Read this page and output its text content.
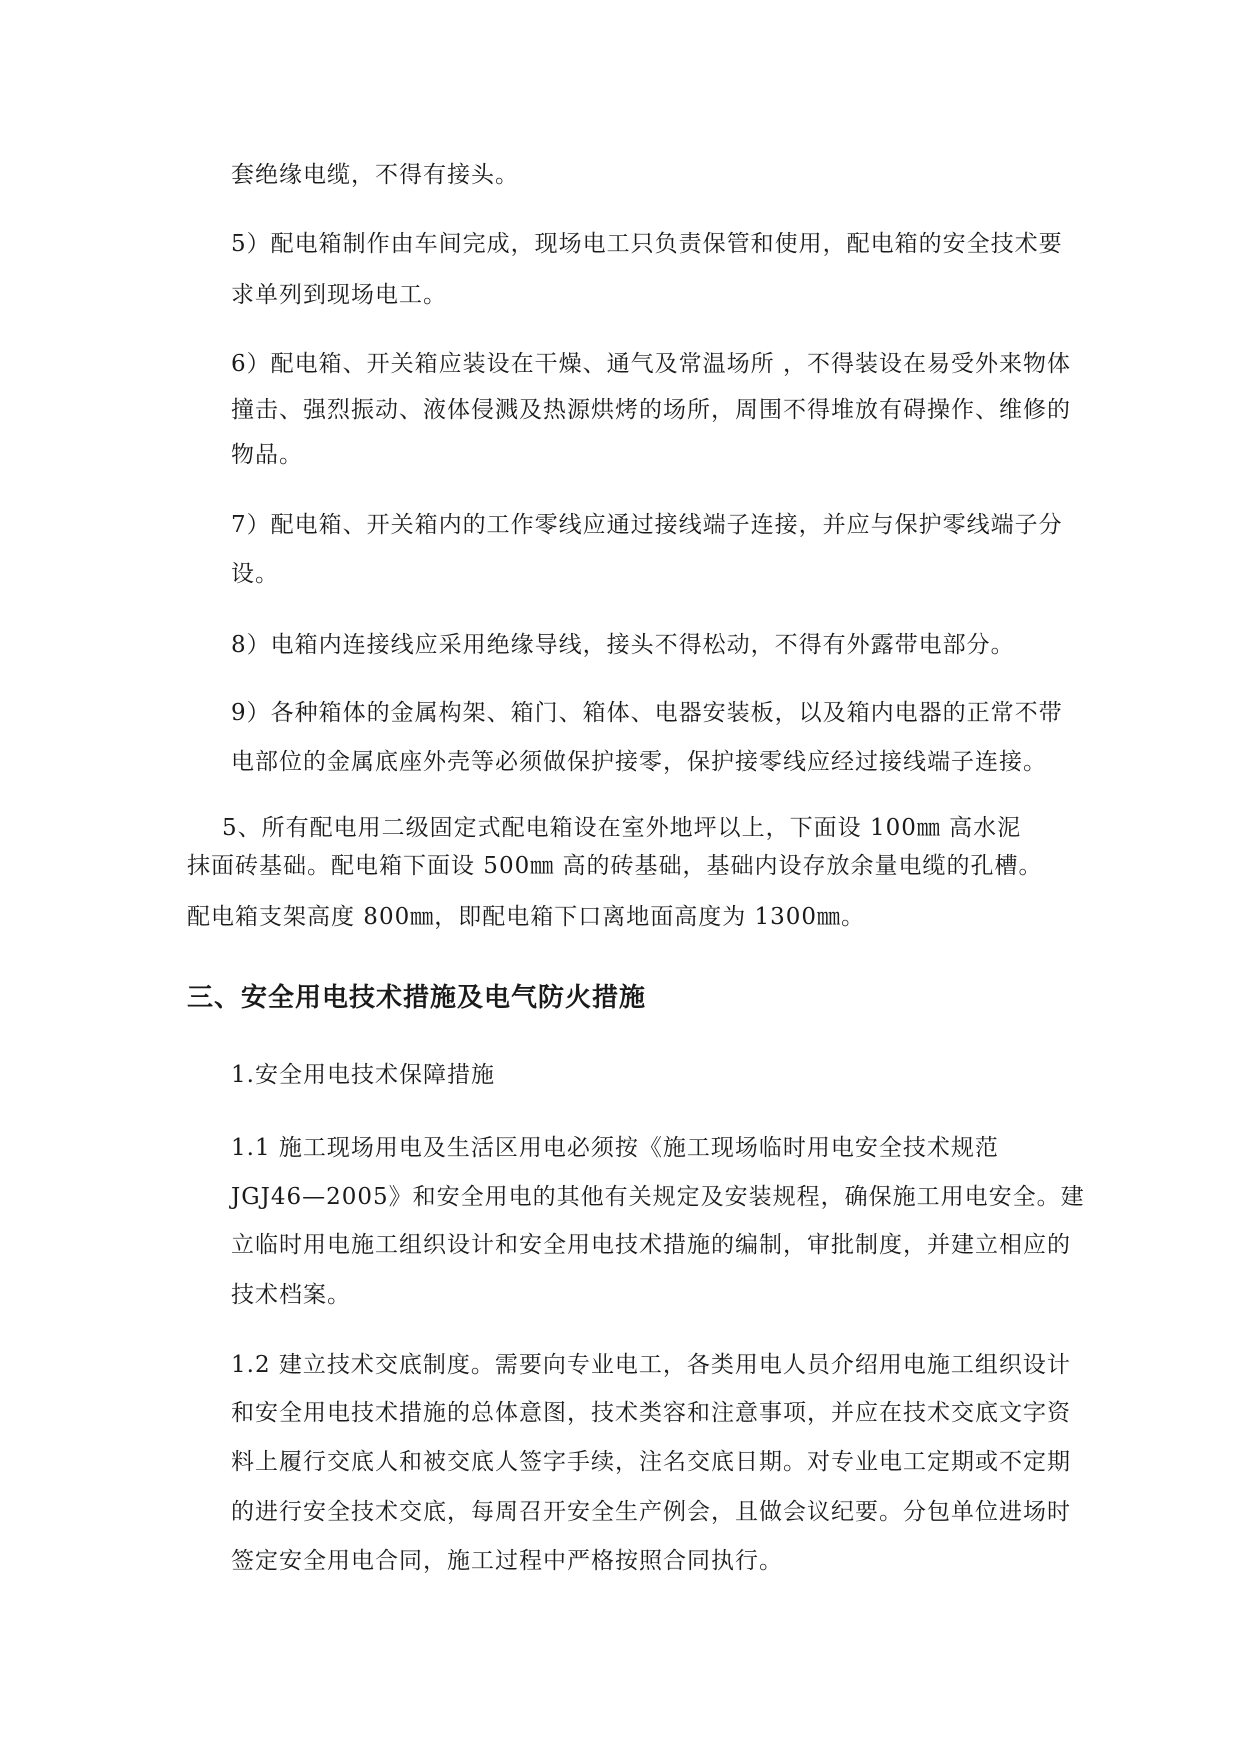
套绝缘电缆，不得有接头。
5）配电箱制作由车间完成，现场电工只负责保管和使用，配电箱的安全技术要
求单列到现场电工。
6）配电箱、开关箱应装设在干燥、通气及常温场所 ，不得装设在易受外来物体
撞击、强烈振动、液体侵溅及热源烘烤的场所，周围不得堆放有碍操作、维修的
物品。
7）配电箱、开关箱内的工作零线应通过接线端子连接，并应与保护零线端子分
设。
8）电箱内连接线应采用绝缘导线，接头不得松动，不得有外露带电部分。
9）各种箱体的金属构架、箱门、箱体、电器安装板，以及箱内电器的正常不带
电部位的金属底座外壳等必须做保护接零，保护接零线应经过接线端子连接。
5、所有配电用二级固定式配电箱设在室外地坪以上，下面设 100㎜ 高水泥
抹面砖基础。配电箱下面设 500㎜ 高的砖基础，基础内设存放余量电缆的孔槽。
配电箱支架高度 800㎜，即配电箱下口离地面高度为 1300㎜。
三、安全用电技术措施及电气防火措施
1.安全用电技术保障措施
1.1 施工现场用电及生活区用电必须按《施工现场临时用电安全技术规范
JGJ46—2005》和安全用电的其他有关规定及安装规程，确保施工用电安全。建
立临时用电施工组织设计和安全用电技术措施的编制，审批制度，并建立相应的
技术档案。
1.2 建立技术交底制度。需要向专业电工，各类用电人员介绍用电施工组织设计
和安全用电技术措施的总体意图，技术类容和注意事项，并应在技术交底文字资
料上履行交底人和被交底人签字手续，注名交底日期。对专业电工定期或不定期
的进行安全技术交底，每周召开安全生产例会，且做会议纪要。分包单位进场时
签定安全用电合同，施工过程中严格按照合同执行。
